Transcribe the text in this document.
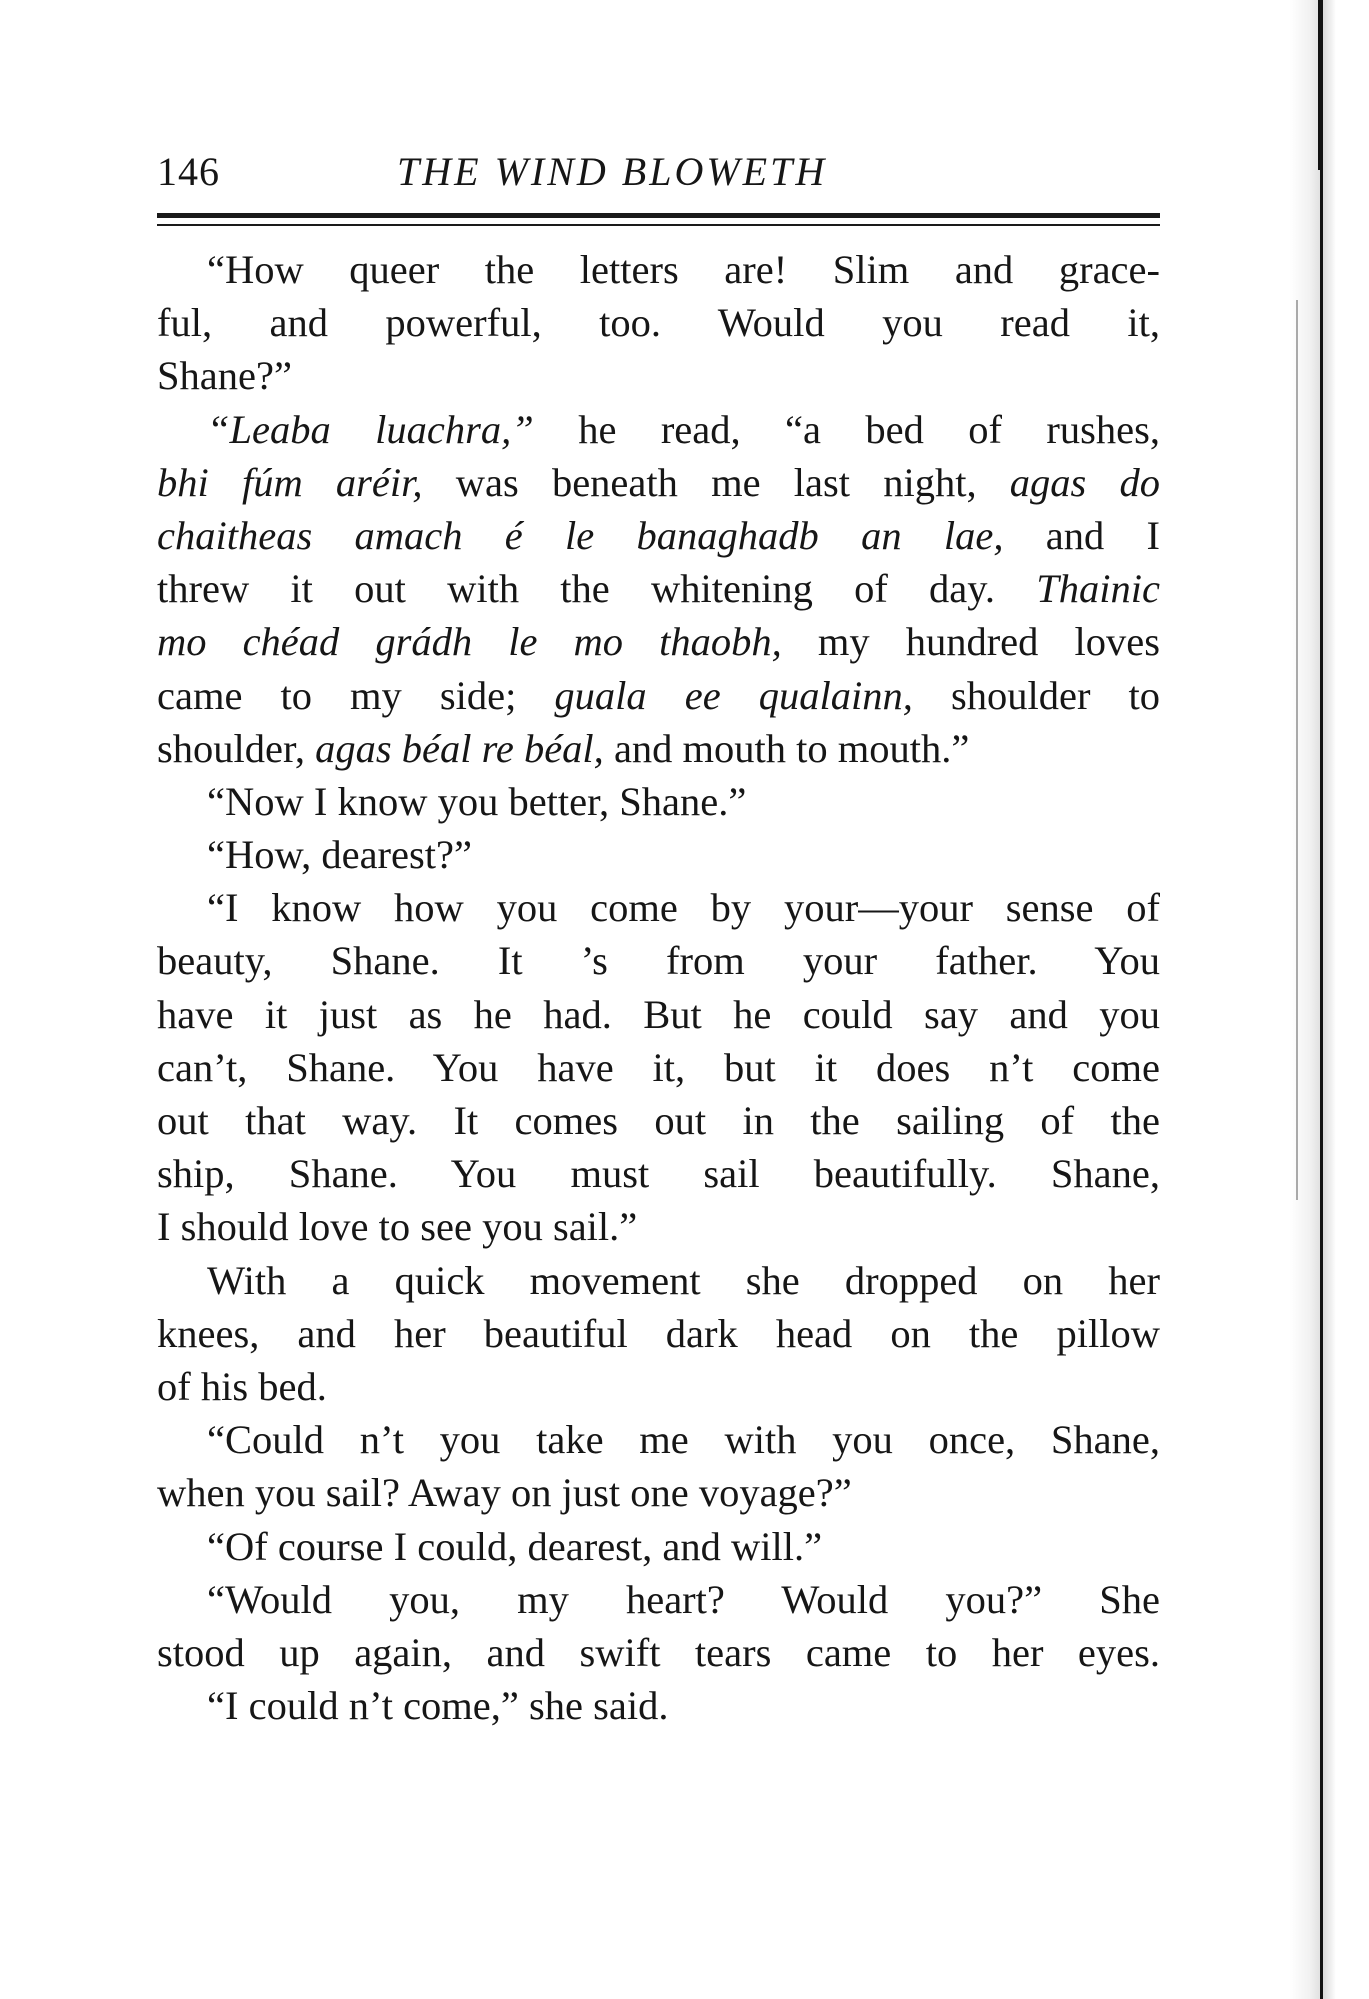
146	THE WIND BLOWETH
“How queer the letters are! Slim and grace-
ful, and powerful, too. Would you read it,
Shane?”
“Leaba luachra,” he read, “a bed of rushes,
bhi fúm aréir, was beneath me last night, agas do
chaitheas amach é le banaghadb an lae, and I
threw it out with the whitening of day. Thainic
mo chéad grádh le mo thaobh, my hundred loves
came to my side; guala ee qualainn, shoulder to
shoulder, agas béal re béal, and mouth to mouth.”
“Now I know you better, Shane.”
“How, dearest?”
“I know how you come by your—your sense of
beauty, Shane. It ’s from your father. You
have it just as he had. But he could say and you
can’t, Shane. You have it, but it does n’t come
out that way. It comes out in the sailing of the
ship, Shane. You must sail beautifully. Shane,
I should love to see you sail.”
With a quick movement she dropped on her
knees, and her beautiful dark head on the pillow
of his bed.
“Could n’t you take me with you once, Shane,
when you sail? Away on just one voyage?”
“Of course I could, dearest, and will.”
“Would you, my heart? Would you?” She
stood up again, and swift tears came to her eyes.
“I could n’t come,” she said.
